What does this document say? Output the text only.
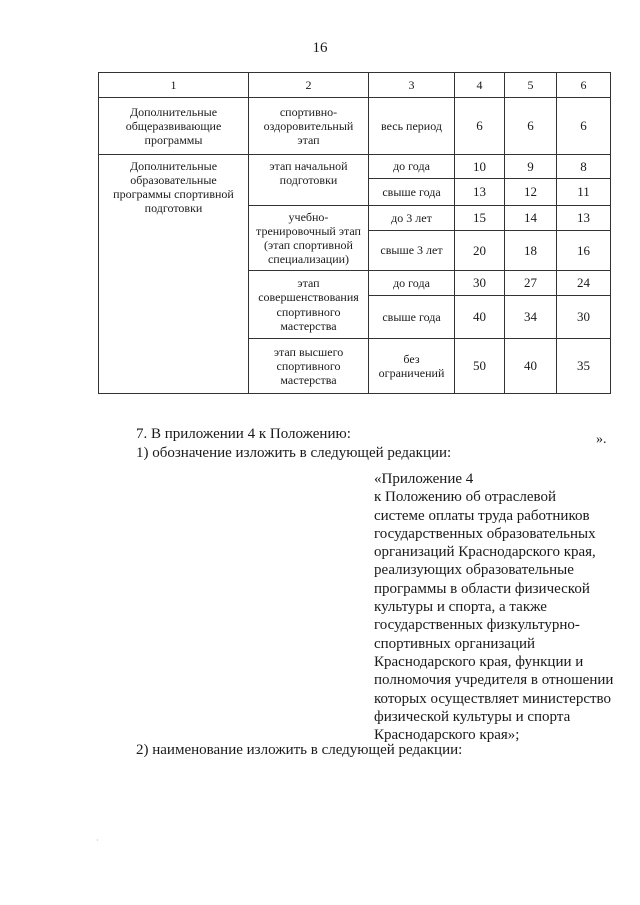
16
1	2	3	4	5	6
Дополнительные общеразвивающие программы	спортивно-оздоровительный этап	весь период	6	6	6
Дополнительные образовательные программы спортивной подготовки	этап начальной подготовки	до года	10	9	8
		свыше года	13	12	11
	учебно-тренировочный этап (этап спортивной специализации)	до 3 лет	15	14	13
		свыше 3 лет	20	18	16
	этап совершенствования спортивного мастерства	до года	30	27	24
		свыше года	40	34	30
	этап высшего спортивного мастерства	без ограничений	50	40	35
».

7. В приложении 4 к Положению:

1) обозначение изложить в следующей редакции:

«Приложение 4
к Положению об отраслевой
системе оплаты труда работников
государственных образовательных
организаций Краснодарского края,
реализующих образовательные
программы в области физической
культуры и спорта, а также
государственных физкультурно-
спортивных организаций
Краснодарского края, функции и
полномочия учредителя в отношении
которых осуществляет министерство
физической культуры и спорта
Краснодарского края»;

2) наименование изложить в следующей редакции:

·
